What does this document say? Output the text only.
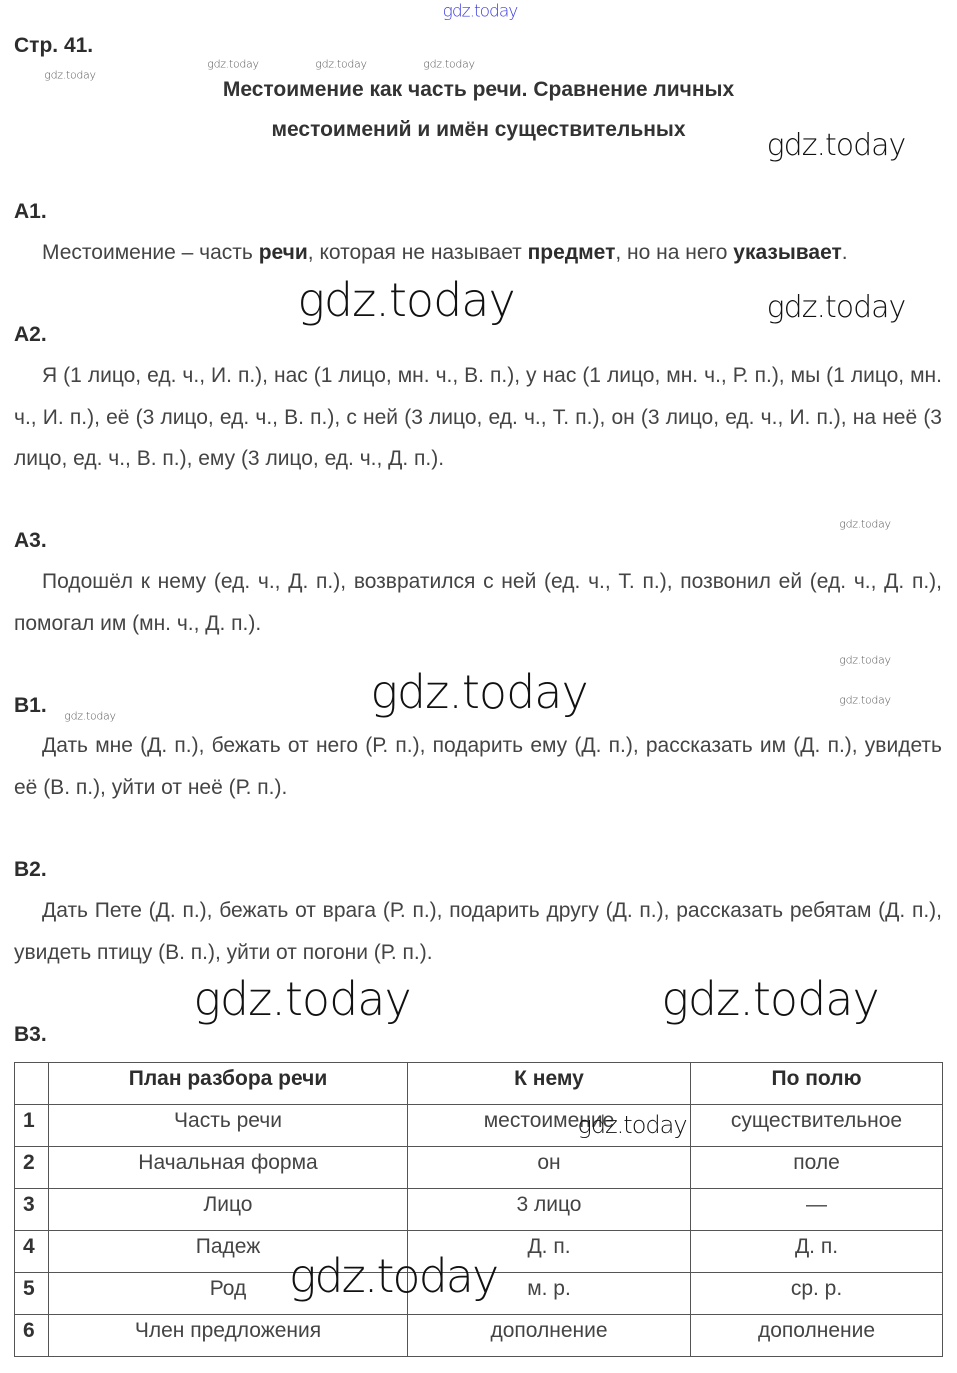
Стр. 41.
Местоимение как часть речи. Сравнение личных
местоимений и имён существительных
A1.

Местоимение – часть речи, которая не называет предмет, но на него указывает.

A2.

Я (1 лицо, ед. ч., И. п.), нас (1 лицо, мн. ч., В. п.), у нас (1 лицо, мн. ч., Р. п.), мы (1 лицо, мн. ч., И. п.), её (3 лицо, ед. ч., В. п.), с ней (3 лицо, ед. ч., Т. п.), он (3 лицо, ед. ч., И. п.), на неё (3 лицо, ед. ч., В. п.), ему (3 лицо, ед. ч., Д. п.).

A3.

Подошёл к нему (ед. ч., Д. п.), возвратился с ней (ед. ч., Т. п.), позвонил ей (ед. ч., Д. п.), помогал им (мн. ч., Д. п.).

B1.

Дать мне (Д. п.), бежать от него (Р. п.), подарить ему (Д. п.), рассказать им (Д. п.), увидеть её (В. п.), уйти от неё (Р. п.).

B2.

Дать Пете (Д. п.), бежать от врага (Р. п.), подарить другу (Д. п.), рассказать ребятам (Д. п.), увидеть птицу (В. п.), уйти от погони (Р. п.).

B3.
	План разбора речи	К нему	По полю
1	Часть речи	местоимение	существительное
2	Начальная форма	он	поле
3	Лицо	3 лицо	—
4	Падеж	Д. п.	Д. п.
5	Род	м. р.	ср. р.
6	Член предложения	дополнение	дополнение
gdz.today
gdz.today
gdz.today	gdz.today	gdz.today
gdz.today
gdz.today	gdz.today
gdz.today
gdz.today
gdz.today
gdz.today
gdz.today
gdz.today	gdz.today
gdz.today
gdz.today
